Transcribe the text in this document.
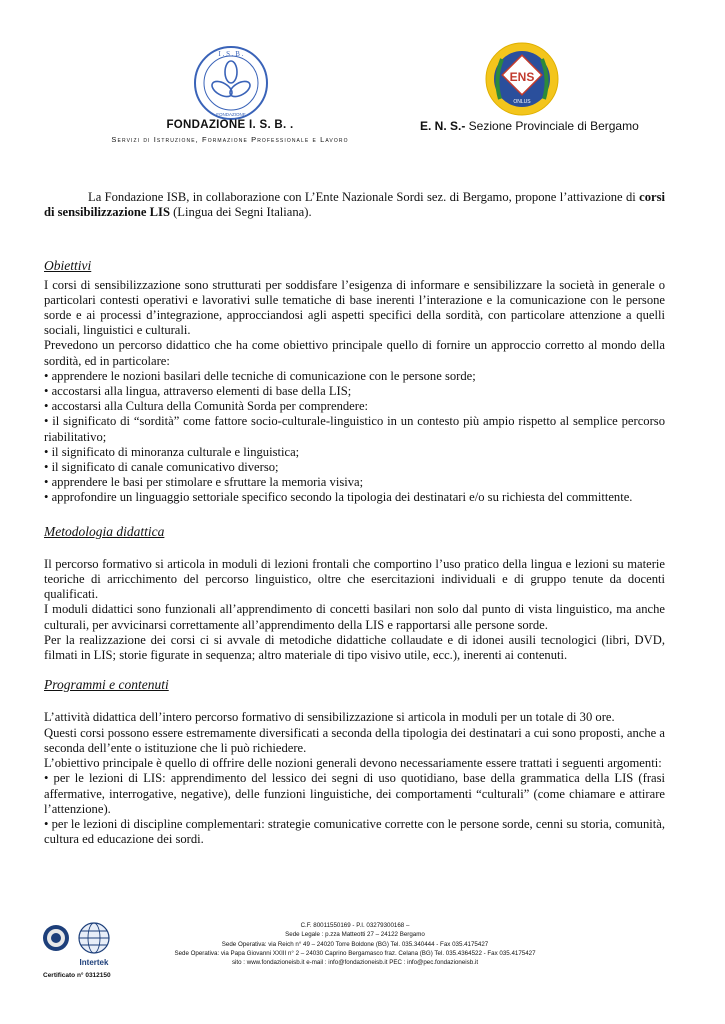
I . S . B .
FONDAZIONE
ENS
ONLUS
FONDAZIONE I. S. B. .
Servizi di Istruzione, Formazione Professionale e Lavoro
E. N. S.- Sezione Provinciale di Bergamo

La Fondazione ISB, in collaborazione con L’Ente Nazionale Sordi sez. di Bergamo, propone l’attivazione di corsi di sensibilizzazione LIS (Lingua dei Segni Italiana).

Obiettivi

I corsi di sensibilizzazione sono strutturati per soddisfare l’esigenza di informare e sensibilizzare la società in generale o particolari contesti operativi e lavorativi sulle tematiche di base inerenti l’interazione e la comunicazione con le persone sorde e ai processi d’integrazione, approcciandosi agli aspetti specifici della sordità, con particolare attenzione a quelli sociali, linguistici e culturali.

Prevedono un percorso didattico che ha come obiettivo principale quello di fornire un approccio corretto al mondo della sordità, ed in particolare:

• apprendere le nozioni basilari delle tecniche di comunicazione con le persone sorde;

• accostarsi alla lingua, attraverso elementi di base della LIS;

• accostarsi alla Cultura della Comunità Sorda per comprendere:

• il significato di “sordità” come fattore socio-culturale-linguistico in un contesto più ampio rispetto al semplice percorso riabilitativo;

• il significato di minoranza culturale e linguistica;

• il significato di canale comunicativo diverso;

• apprendere le basi per stimolare e sfruttare la memoria visiva;

• approfondire un linguaggio settoriale specifico secondo la tipologia dei destinatari e/o su richiesta del committente.

Metodologia didattica

Il percorso formativo si articola in moduli di lezioni frontali che comportino l’uso pratico della lingua e lezioni su materie teoriche di arricchimento del percorso linguistico, oltre che esercitazioni individuali e di gruppo tenute da docenti qualificati.

I moduli didattici sono funzionali all’apprendimento di concetti basilari non solo dal punto di vista linguistico, ma anche culturali, per avvicinarsi correttamente all’apprendimento della LIS e rapportarsi alle persone sorde.

Per la realizzazione dei corsi ci si avvale di metodiche didattiche collaudate e di idonei ausili tecnologici (libri, DVD, filmati in LIS; storie figurate in sequenza; altro materiale di tipo visivo utile, ecc.), inerenti ai contenuti.

Programmi e contenuti

L’attività didattica dell’intero percorso formativo di sensibilizzazione si articola in moduli per un totale di 30 ore.

Questi corsi possono essere estremamente diversificati a seconda della tipologia dei destinatari a cui sono proposti, anche a seconda dell’ente o istituzione che li può richiedere.

L’obiettivo principale è quello di offrire delle nozioni generali devono necessariamente essere trattati i seguenti argomenti:

• per le lezioni di LIS: apprendimento del lessico dei segni di uso quotidiano, base della grammatica della LIS (frasi affermative, interrogative, negative), delle funzioni linguistiche, dei comportamenti “culturali” (come chiamare e attirare l’attenzione).

• per le lezioni di discipline complementari: strategie comunicative corrette con le persone sorde, cenni su storia, comunità, cultura ed educazione dei sordi.

Intertek
Certificato n° 0312150
C.F. 80011550169 - P.I. 03279300168 –
Sede Legale : p.zza Matteotti 27 – 24122 Bergamo
Sede Operativa: via Reich n° 49 – 24020 Torre Boldone (BG) Tel. 035.340444 - Fax 035.4175427
Sede Operativa: via Papa Giovanni XXIII n° 2 – 24030 Caprino Bergamasco fraz. Celana (BG) Tel. 035.4364522 - Fax 035.4175427
sito : www.fondazioneisb.it e-mail : info@fondazioneisb.it PEC : info@pec.fondazioneisb.it
